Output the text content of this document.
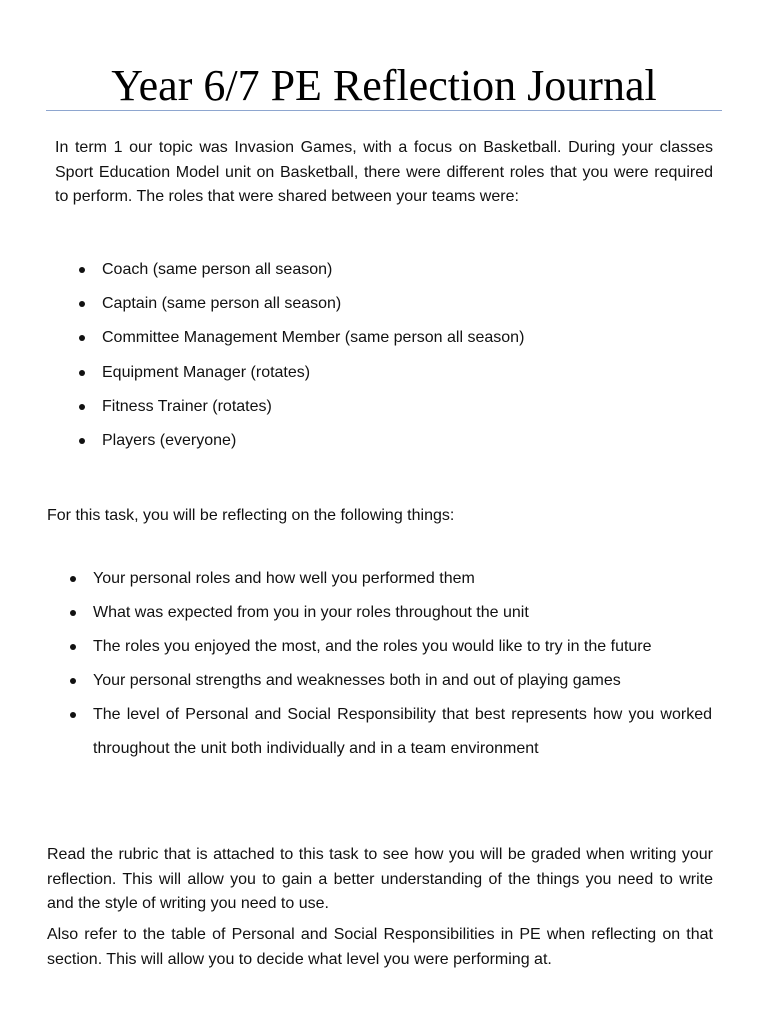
Year 6/7 PE Reflection Journal

In term 1 our topic was Invasion Games, with a focus on Basketball. During your classes Sport Education Model unit on Basketball, there were different roles that you were required to perform. The roles that were shared between your teams were:

Coach (same person all season)
Captain (same person all season)
Committee Management Member (same person all season)
Equipment Manager (rotates)
Fitness Trainer (rotates)
Players (everyone)

For this task, you will be reflecting on the following things:

Your personal roles and how well you performed them
What was expected from you in your roles throughout the unit
The roles you enjoyed the most, and the roles you would like to try in the future
Your personal strengths and weaknesses both in and out of playing games
The level of Personal and Social Responsibility that best represents how you worked throughout the unit both individually and in a team environment

Read the rubric that is attached to this task to see how you will be graded when writing your reflection. This will allow you to gain a better understanding of the things you need to write and the style of writing you need to use.

Also refer to the table of Personal and Social Responsibilities in PE when reflecting on that section. This will allow you to decide what level you were performing at.
